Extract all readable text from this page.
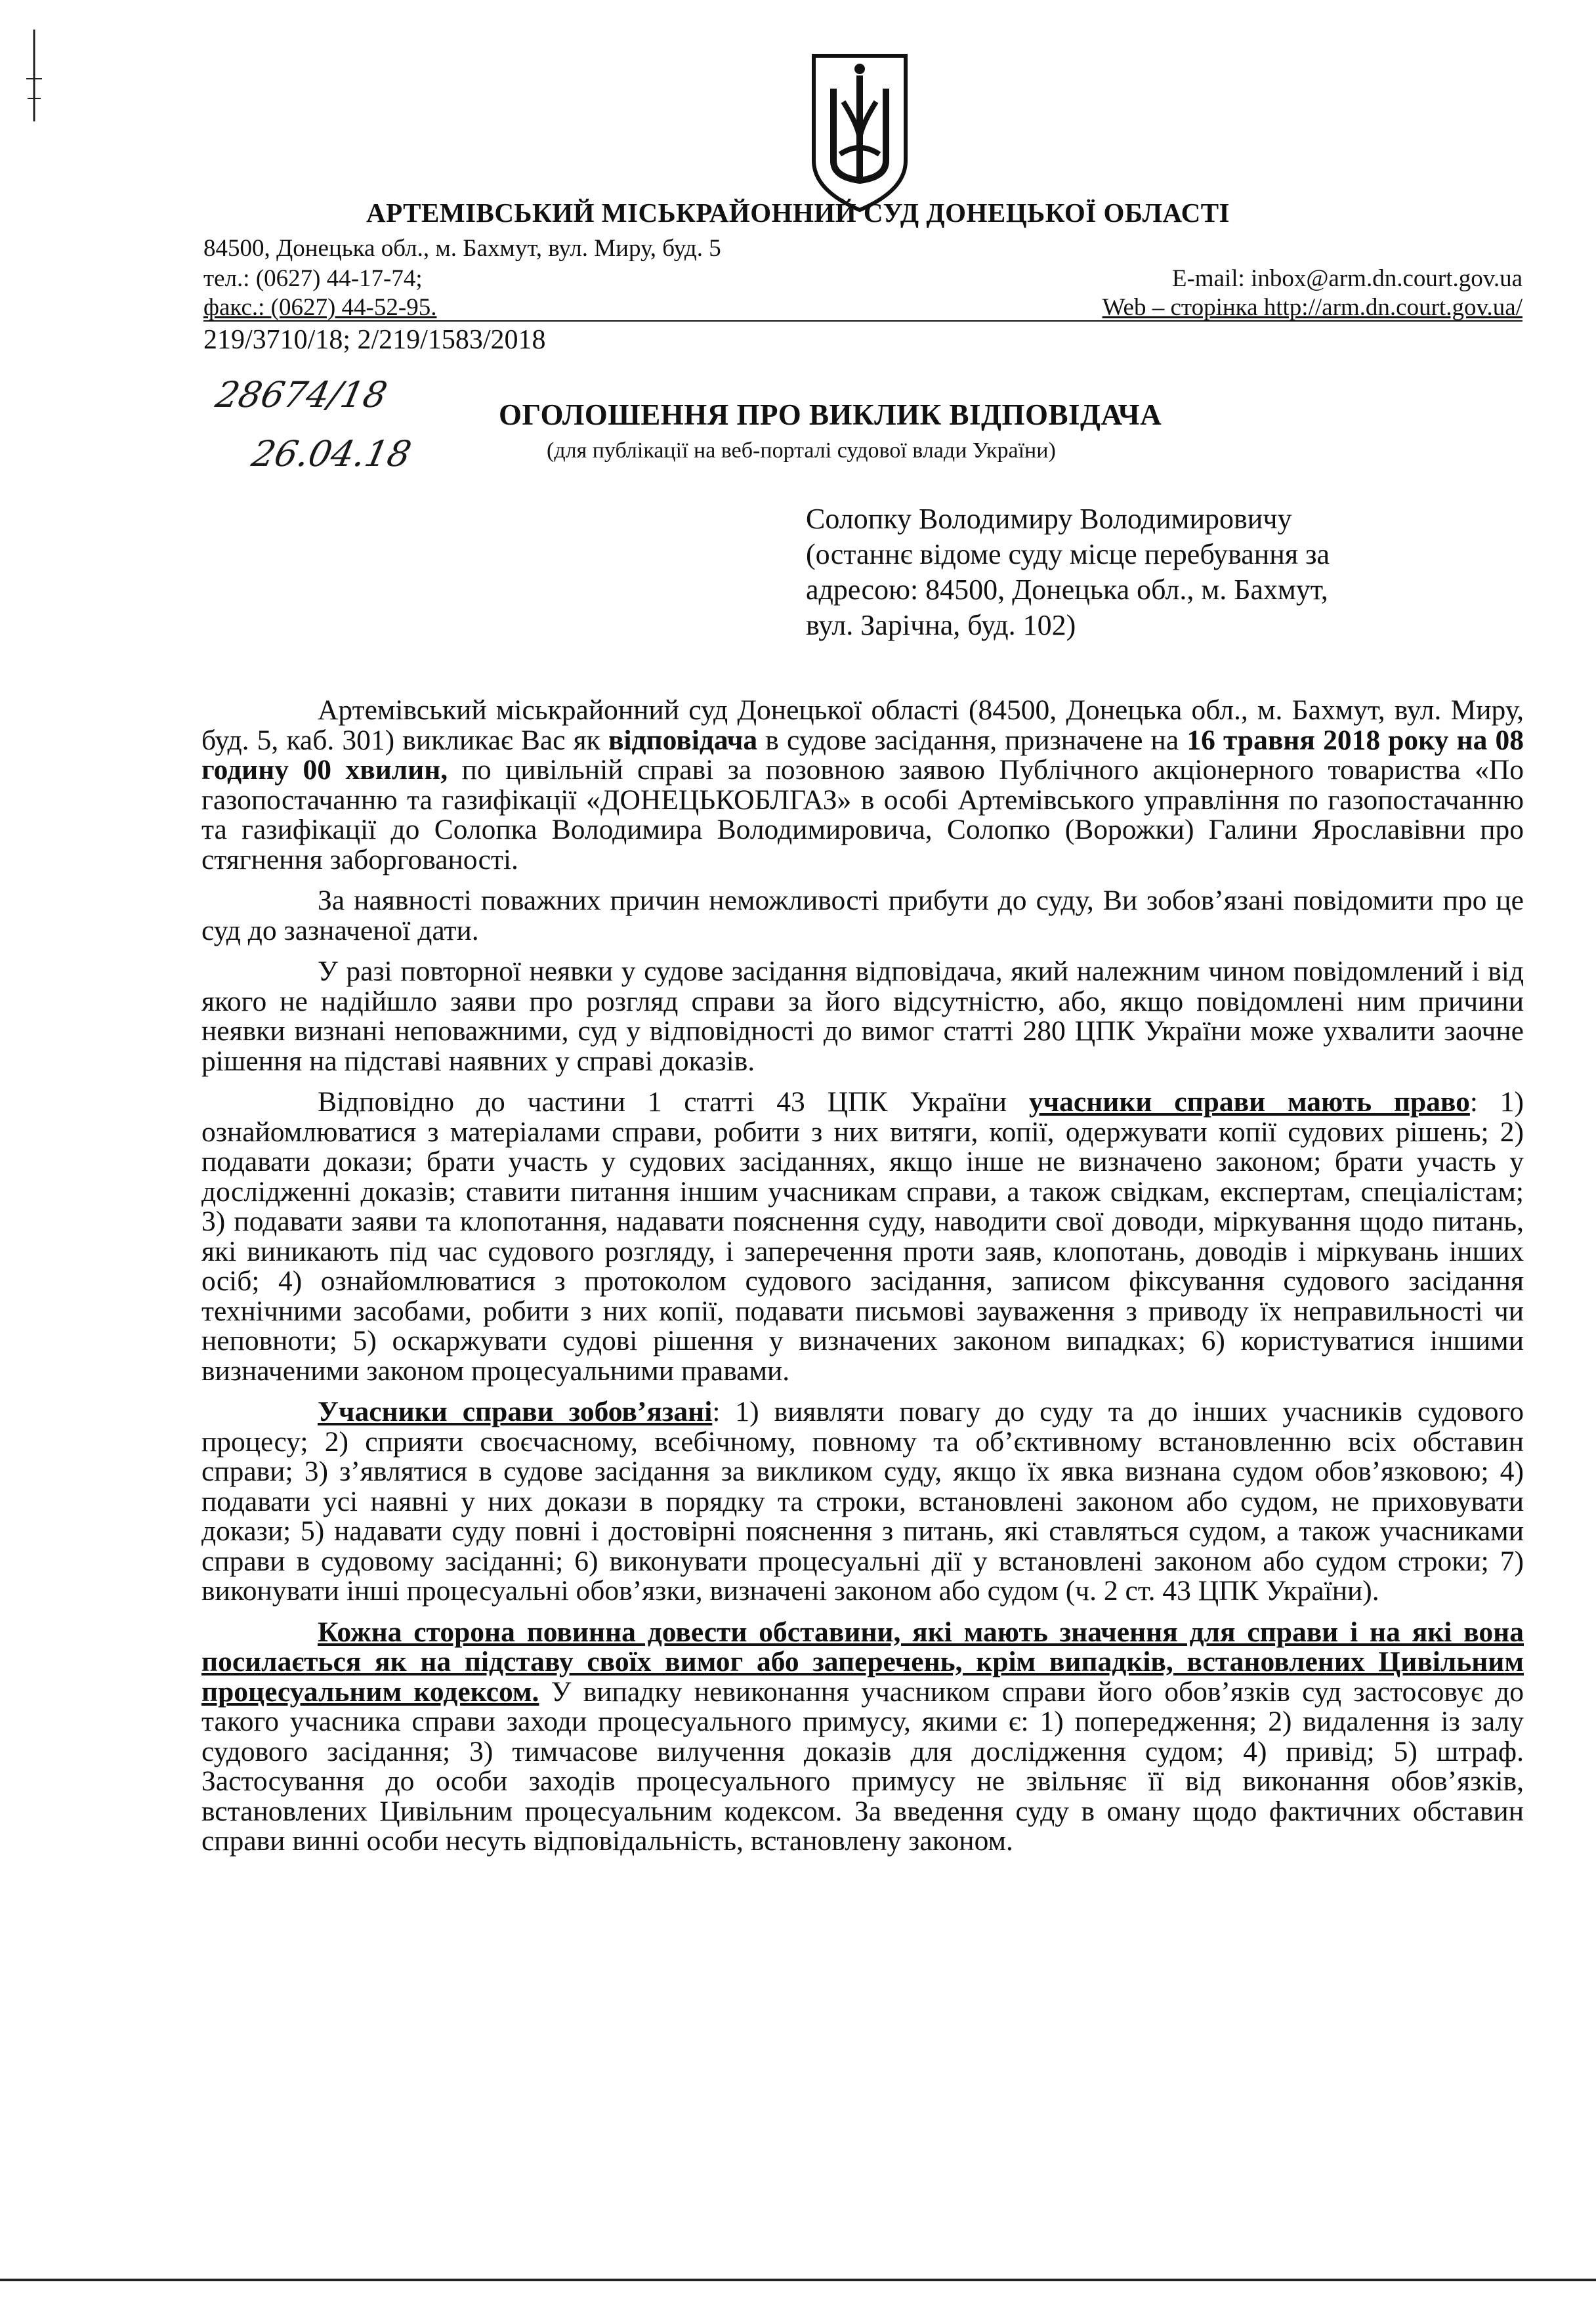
АРТЕМІВСЬКИЙ МІСЬКРАЙОННИЙ СУД ДОНЕЦЬКОЇ ОБЛАСТІ
84500, Донецька обл., м. Бахмут, вул. Миру, буд. 5
тел.: (0627) 44-17-74;
факс.: (0627) 44-52-95.
E-mail: inbox@arm.dn.court.gov.ua
Web – сторінка http://arm.dn.court.gov.ua/
219/3710/18; 2/219/1583/2018
28674/18
26.04.18
ОГОЛОШЕННЯ ПРО ВИКЛИК ВІДПОВІДАЧА
(для публікації на веб-порталі судової влади України)
Солопку Володимиру Володимировичу
(останнє відоме суду місце перебування за
адресою: 84500, Донецька обл., м. Бахмут,
вул. Зарічна, буд. 102)

Артемівський міськрайонний суд Донецької області (84500, Донецька обл., м. Бахмут, вул. Миру, буд. 5, каб. 301) викликає Вас як відповідача в судове засідання, призначене на 16 травня 2018 року на 08 годину 00 хвилин, по цивільній справі за позовною заявою Публічного акціонерного товариства «По газопостачанню та газифікації «ДОНЕЦЬКОБЛГАЗ» в особі Артемівського управління по газопостачанню та газифікації до Солопка Володимира Володимировича, Солопко (Ворожки) Галини Ярославівни про стягнення заборгованості.

За наявності поважних причин неможливості прибути до суду, Ви зобов’язані повідомити про це суд до зазначеної дати.

У разі повторної неявки у судове засідання відповідача, який належним чином повідомлений і від якого не надійшло заяви про розгляд справи за його відсутністю, або, якщо повідомлені ним причини неявки визнані неповажними, суд у відповідності до вимог статті 280 ЦПК України може ухвалити заочне рішення на підставі наявних у справі доказів.

Відповідно до частини 1 статті 43 ЦПК України учасники справи мають право: 1) ознайомлюватися з матеріалами справи, робити з них витяги, копії, одержувати копії судових рішень; 2) подавати докази; брати участь у судових засіданнях, якщо інше не визначено законом; брати участь у дослідженні доказів; ставити питання іншим учасникам справи, а також свідкам, експертам, спеціалістам; 3) подавати заяви та клопотання, надавати пояснення суду, наводити свої доводи, міркування щодо питань, які виникають під час судового розгляду, і заперечення проти заяв, клопотань, доводів і міркувань інших осіб; 4) ознайомлюватися з протоколом судового засідання, записом фіксування судового засідання технічними засобами, робити з них копії, подавати письмові зауваження з приводу їх неправильності чи неповноти; 5) оскаржувати судові рішення у визначених законом випадках; 6) користуватися іншими визначеними законом процесуальними правами.

Учасники справи зобов’язані: 1) виявляти повагу до суду та до інших учасників судового процесу; 2) сприяти своєчасному, всебічному, повному та об’єктивному встановленню всіх обставин справи; 3) з’являтися в судове засідання за викликом суду, якщо їх явка визнана судом обов’язковою; 4) подавати усі наявні у них докази в порядку та строки, встановлені законом або судом, не приховувати докази; 5) надавати суду повні і достовірні пояснення з питань, які ставляться судом, а також учасниками справи в судовому засіданні; 6) виконувати процесуальні дії у встановлені законом або судом строки; 7) виконувати інші процесуальні обов’язки, визначені законом або судом (ч. 2 ст. 43 ЦПК України).

Кожна сторона повинна довести обставини, які мають значення для справи і на які вона посилається як на підставу своїх вимог або заперечень, крім випадків, встановлених Цивільним процесуальним кодексом. У випадку невиконання учасником справи його обов’язків суд застосовує до такого учасника справи заходи процесуального примусу, якими є: 1) попередження; 2) видалення із залу судового засідання; 3) тимчасове вилучення доказів для дослідження судом; 4) привід; 5) штраф. Застосування до особи заходів процесуального примусу не звільняє її від виконання обов’язків, встановлених Цивільним процесуальним кодексом. За введення суду в оману щодо фактичних обставин справи винні особи несуть відповідальність, встановлену законом.
